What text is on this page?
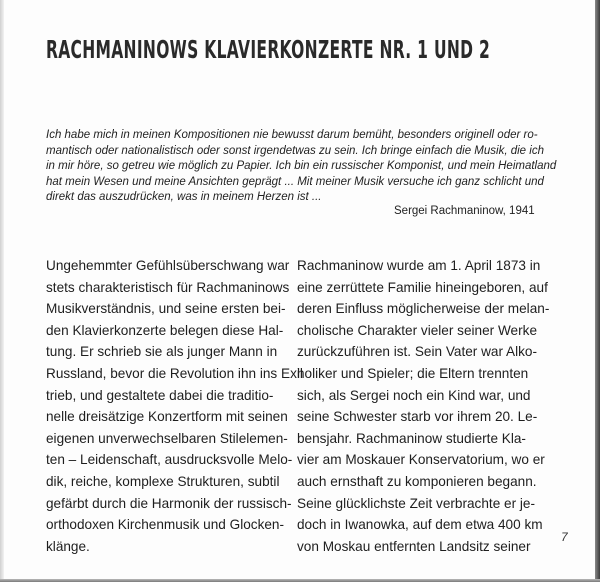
RACHMANINOWS KLAVIERKONZERTE NR. 1 UND 2
Ich habe mich in meinen Kompositionen nie bewusst darum bemüht, besonders originell oder ro-
mantisch oder nationalistisch oder sonst irgendetwas zu sein. Ich bringe einfach die Musik, die ich
in mir höre, so getreu wie möglich zu Papier. Ich bin ein russischer Komponist, und mein Heimatland
hat mein Wesen und meine Ansichten geprägt ... Mit meiner Musik versuche ich ganz schlicht und
direkt das auszudrücken, was in meinem Herzen ist ...
Sergei Rachmaninow, 1941
Ungehemmter Gefühlsüberschwang war
stets charakteristisch für Rachmaninows
Musikverständnis, und seine ersten bei-
den Klavierkonzerte belegen diese Hal-
tung. Er schrieb sie als junger Mann in
Russland, bevor die Revolution ihn ins Exil
trieb, und gestaltete dabei die traditio-
nelle dreisätzige Konzertform mit seinen
eigenen unverwechselbaren Stilelemen-
ten – Leidenschaft, ausdrucksvolle Melo-
dik, reiche, komplexe Strukturen, subtil
gefärbt durch die Harmonik der russisch-
orthodoxen Kirchenmusik und Glocken-
klänge.
Rachmaninow wurde am 1. April 1873 in
eine zerrüttete Familie hineingeboren, auf
deren Einfluss möglicherweise der melan-
cholische Charakter vieler seiner Werke
zurückzuführen ist. Sein Vater war Alko-
holiker und Spieler; die Eltern trennten
sich, als Sergei noch ein Kind war, und
seine Schwester starb vor ihrem 20. Le-
bensjahr. Rachmaninow studierte Kla-
vier am Moskauer Konservatorium, wo er
auch ernsthaft zu komponieren begann.
Seine glücklichste Zeit verbrachte er je-
doch in Iwanowka, auf dem etwa 400 km
von Moskau entfernten Landsitz seiner
7
